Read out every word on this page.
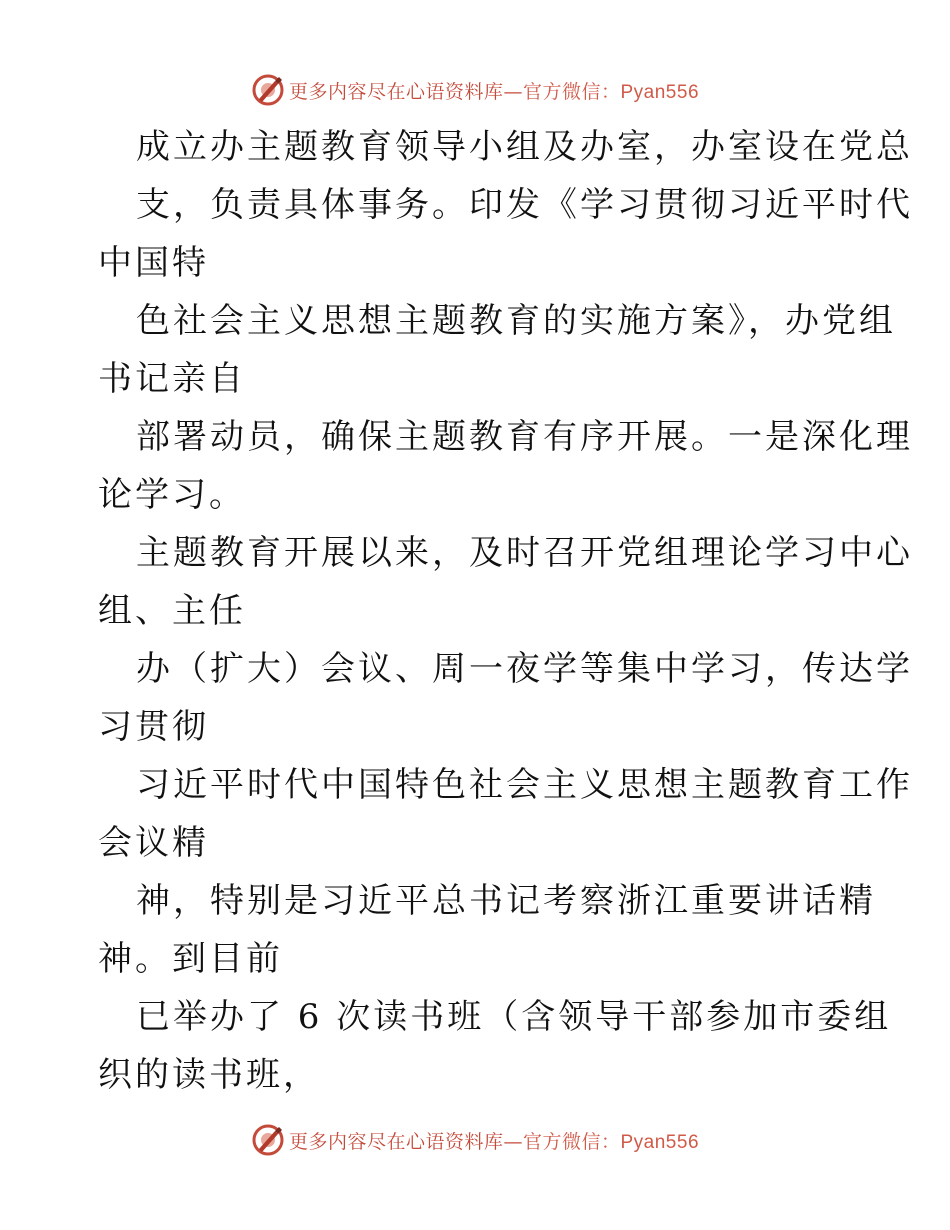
更多内容尽在心语资料库—官方微信：Pyan556
成立办主题教育领导小组及办室，办室设在党总
支，负责具体事务。印发《学习贯彻习近平时代
中国特
色社会主义思想主题教育的实施方案》，办党组
书记亲自
部署动员，确保主题教育有序开展。一是深化理
论学习。
主题教育开展以来，及时召开党组理论学习中心
组、主任
办（扩大）会议、周一夜学等集中学习，传达学
习贯彻
习近平时代中国特色社会主义思想主题教育工作
会议精
神，特别是习近平总书记考察浙江重要讲话精
神。到目前
已举办了 6 次读书班（含领导干部参加市委组
织的读书班，
更多内容尽在心语资料库—官方微信：Pyan556
